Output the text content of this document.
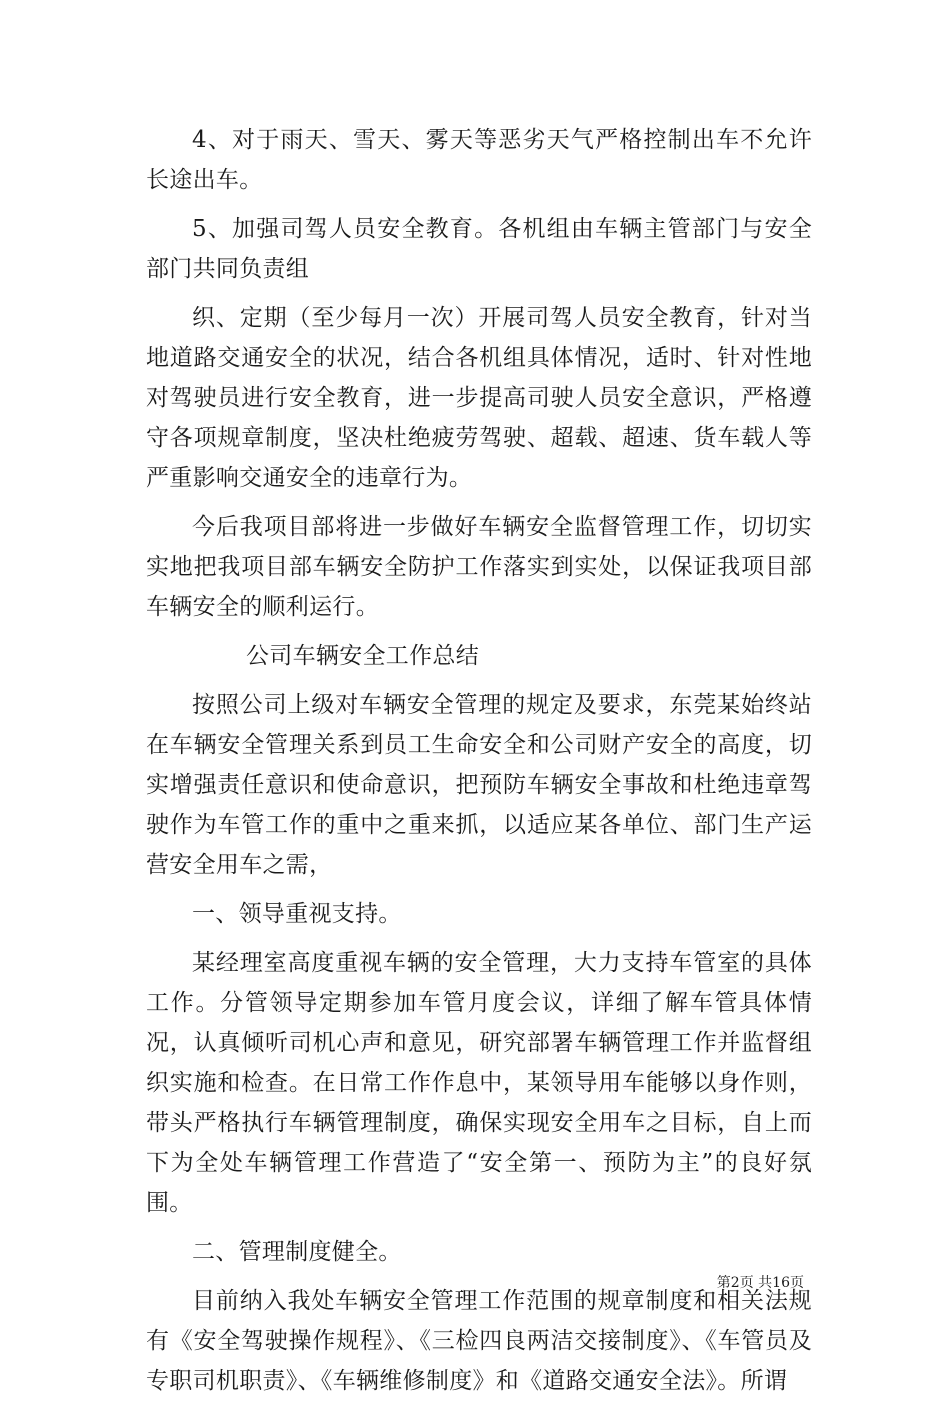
4、对于雨天、雪天、雾天等恶劣天气严格控制出车不允许长途出车。

5、加强司驾人员安全教育。各机组由车辆主管部门与安全部门共同负责组

织、定期（至少每月一次）开展司驾人员安全教育，针对当地道路交通安全的状况，结合各机组具体情况，适时、针对性地对驾驶员进行安全教育，进一步提高司驶人员安全意识，严格遵守各项规章制度，坚决杜绝疲劳驾驶、超载、超速、货车载人等严重影响交通安全的违章行为。

今后我项目部将进一步做好车辆安全监督管理工作，切切实实地把我项目部车辆安全防护工作落实到实处，以保证我项目部车辆安全的顺利运行。

公司车辆安全工作总结

按照公司上级对车辆安全管理的规定及要求，东莞某始终站在车辆安全管理关系到员工生命安全和公司财产安全的高度，切实增强责任意识和使命意识，把预防车辆安全事故和杜绝违章驾驶作为车管工作的重中之重来抓，以适应某各单位、部门生产运营安全用车之需，

一、领导重视支持。

某经理室高度重视车辆的安全管理，大力支持车管室的具体工作。分管领导定期参加车管月度会议，详细了解车管具体情况，认真倾听司机心声和意见，研究部署车辆管理工作并监督组织实施和检查。在日常工作作息中，某领导用车能够以身作则，带头严格执行车辆管理制度，确保实现安全用车之目标，自上而下为全处车辆管理工作营造了“安全第一、预防为主”的良好氛围。

二、管理制度健全。

目前纳入我处车辆安全管理工作范围的规章制度和相关法规有《安全驾驶操作规程》、《三检四良两洁交接制度》、《车管员及专职司机职责》、《车辆维修制度》和《道路交通安全法》。所谓

第2页 共16页
